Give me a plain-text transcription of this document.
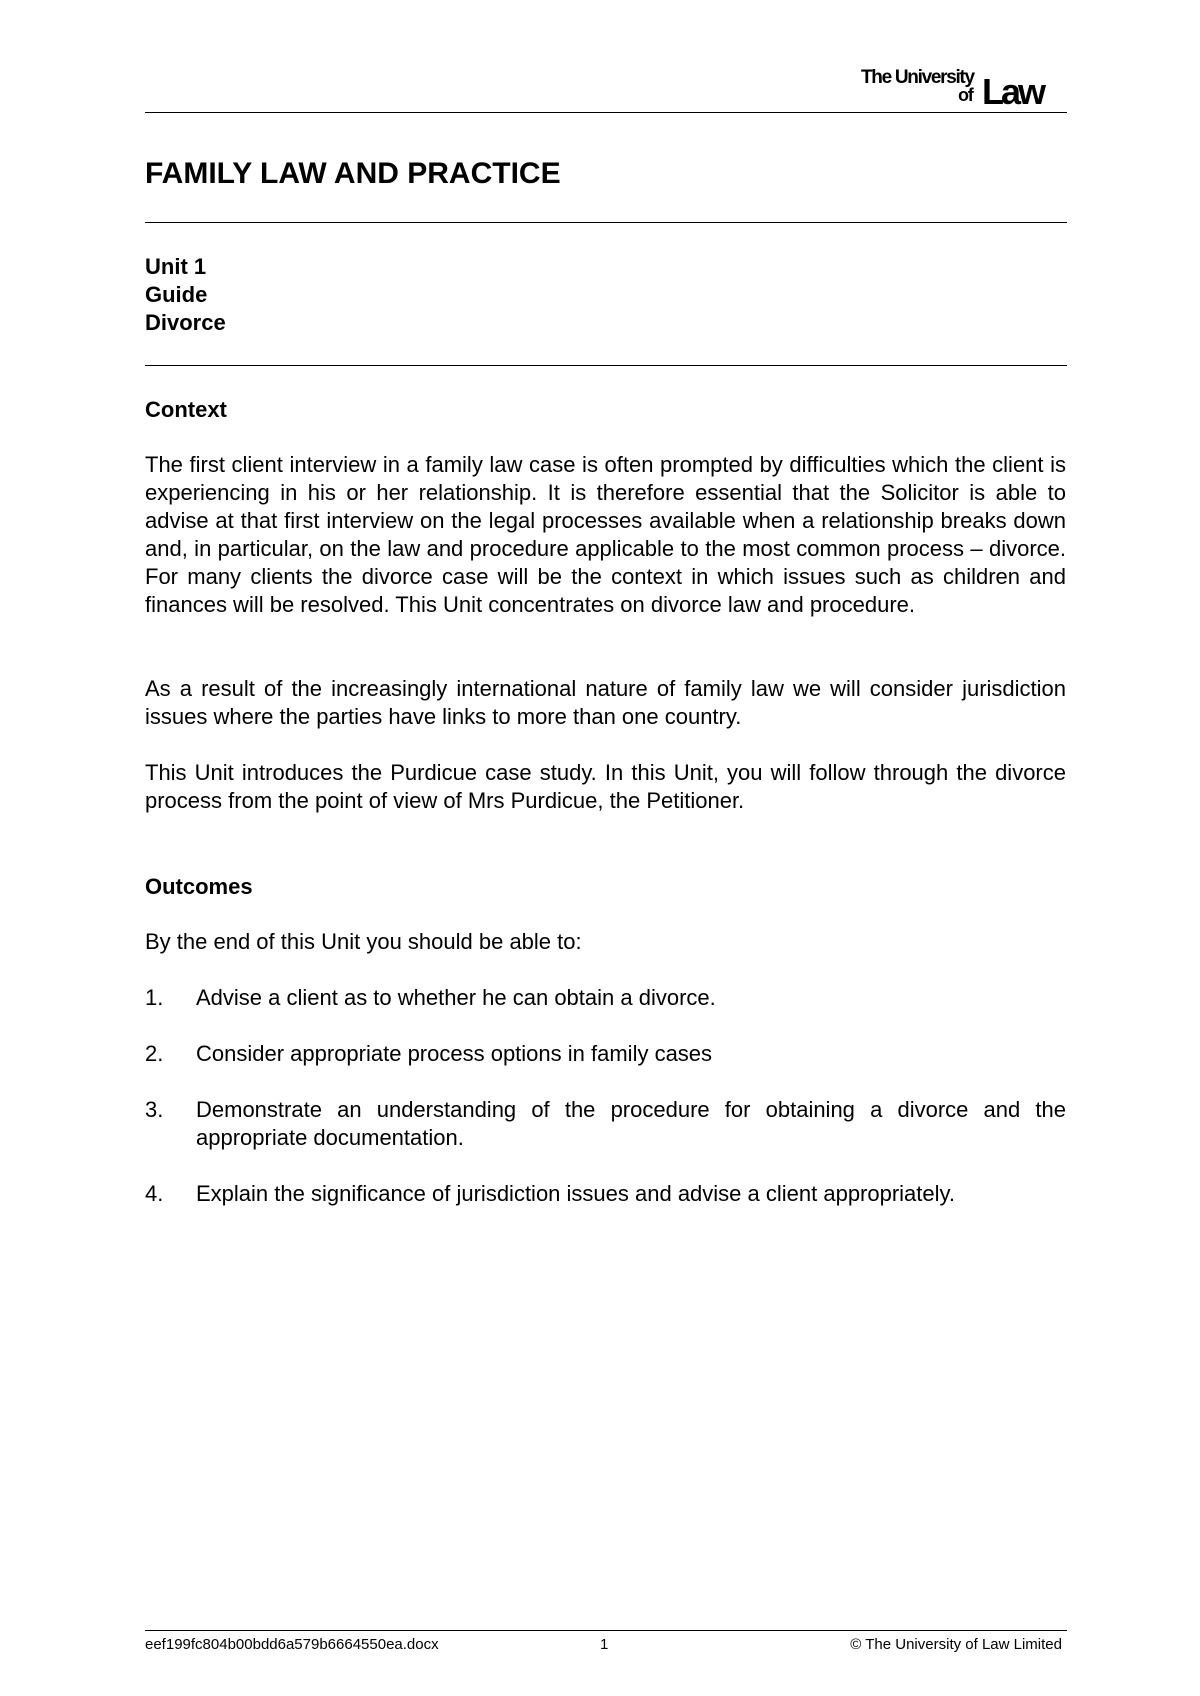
The University
of Law
FAMILY LAW AND PRACTICE
Unit 1
Guide
Divorce
Context

The first client interview in a family law case is often prompted by difficulties which the client is experiencing in his or her relationship. It is therefore essential that the Solicitor is able to advise at that first interview on the legal processes available when a relationship breaks down and, in particular, on the law and procedure applicable to the most common process – divorce. For many clients the divorce case will be the context in which issues such as children and finances will be resolved. This Unit concentrates on divorce law and procedure.

As a result of the increasingly international nature of family law we will consider jurisdiction issues where the parties have links to more than one country.

This Unit introduces the Purdicue case study. In this Unit, you will follow through the divorce process from the point of view of Mrs Purdicue, the Petitioner.

Outcomes

By the end of this Unit you should be able to:

1.	Advise a client as to whether he can obtain a divorce.
2.	Consider appropriate process options in family cases
3.	Demonstrate an understanding of the procedure for obtaining a divorce and the appropriate documentation.
4.	Explain the significance of jurisdiction issues and advise a client appropriately.
eef199fc804b00bdd6a579b6664550ea.docx	1	© The University of Law Limited
